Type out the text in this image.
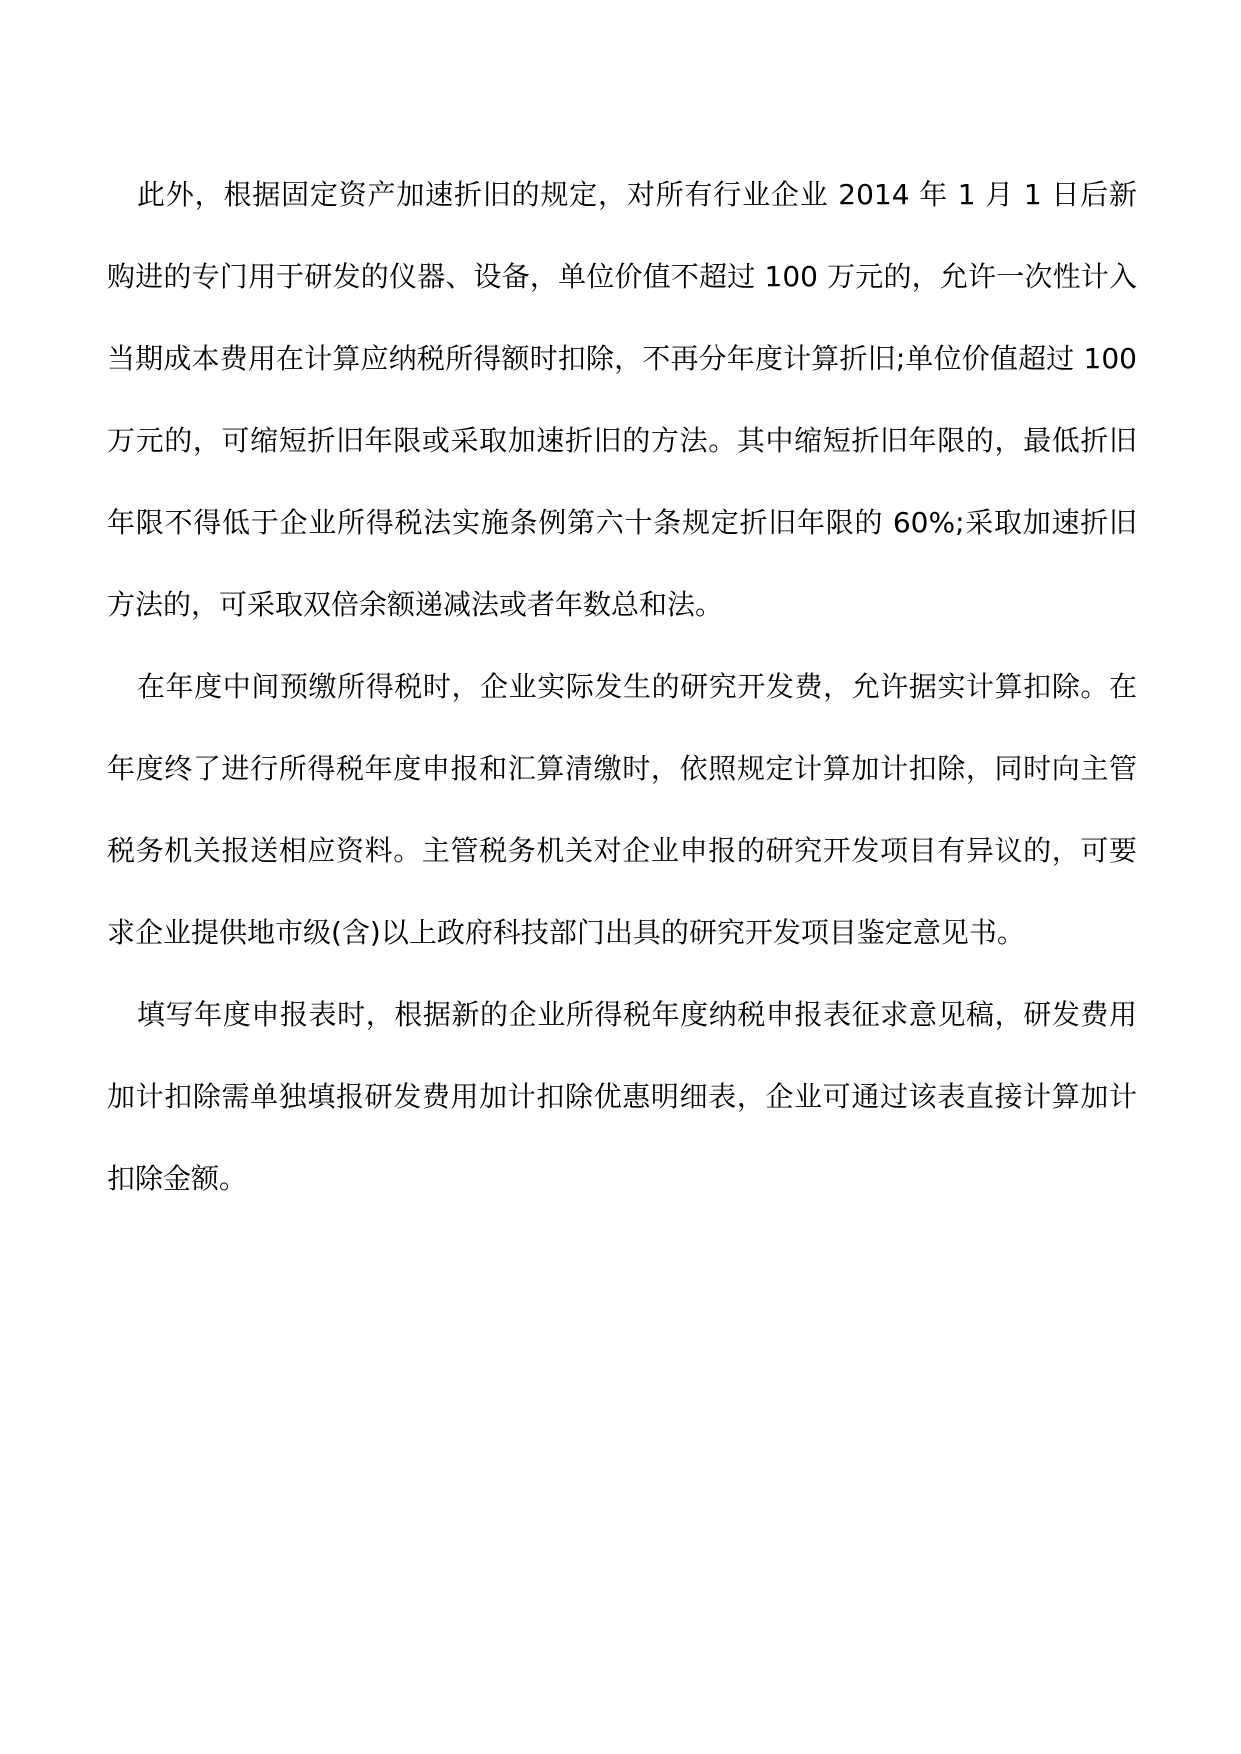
此外，根据固定资产加速折旧的规定，对所有行业企业 2014 年 1 月 1 日后新购进的专门用于研发的仪器、设备，单位价值不超过 100 万元的，允许一次性计入当期成本费用在计算应纳税所得额时扣除，不再分年度计算折旧;单位价值超过 100 万元的，可缩短折旧年限或采取加速折旧的方法。其中缩短折旧年限的，最低折旧年限不得低于企业所得税法实施条例第六十条规定折旧年限的 60%;采取加速折旧方法的，可采取双倍余额递减法或者年数总和法。

在年度中间预缴所得税时，企业实际发生的研究开发费，允许据实计算扣除。在年度终了进行所得税年度申报和汇算清缴时，依照规定计算加计扣除，同时向主管税务机关报送相应资料。主管税务机关对企业申报的研究开发项目有异议的，可要求企业提供地市级(含)以上政府科技部门出具的研究开发项目鉴定意见书。

填写年度申报表时，根据新的企业所得税年度纳税申报表征求意见稿，研发费用加计扣除需单独填报研发费用加计扣除优惠明细表，企业可通过该表直接计算加计扣除金额。
